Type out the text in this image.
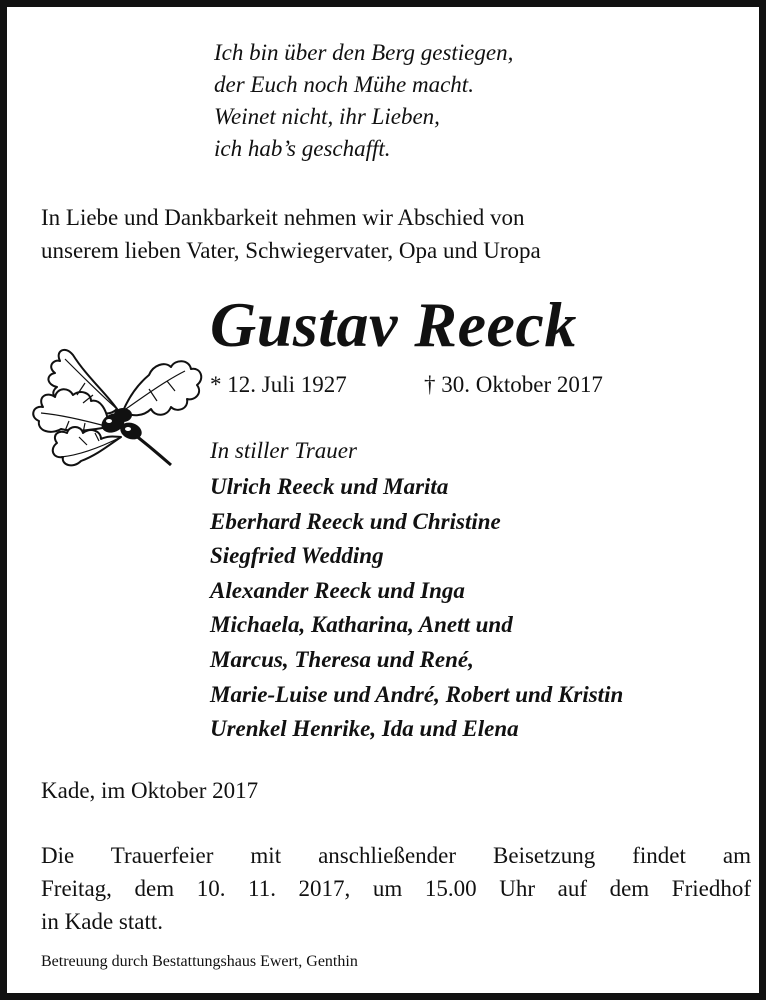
Ich bin über den Berg gestiegen,
der Euch noch Mühe macht.
Weinet nicht, ihr Lieben,
ich hab’s geschafft.
In Liebe und Dankbarkeit nehmen wir Abschied von
unserem lieben Vater, Schwiegervater, Opa und Uropa
Gustav Reeck
* 12. Juli 1927	† 30. Oktober 2017
In stiller Trauer
Ulrich Reeck und Marita
Eberhard Reeck und Christine
Siegfried Wedding
Alexander Reeck und Inga
Michaela, Katharina, Anett und
Marcus, Theresa und René,
Marie-Luise und André, Robert und Kristin
Urenkel Henrike, Ida und Elena
Kade, im Oktober 2017
Die Trauerfeier mit anschließender Beisetzung findet am
Freitag, dem 10. 11. 2017, um 15.00 Uhr auf dem Friedhof
in Kade statt.
Betreuung durch Bestattungshaus Ewert, Genthin
